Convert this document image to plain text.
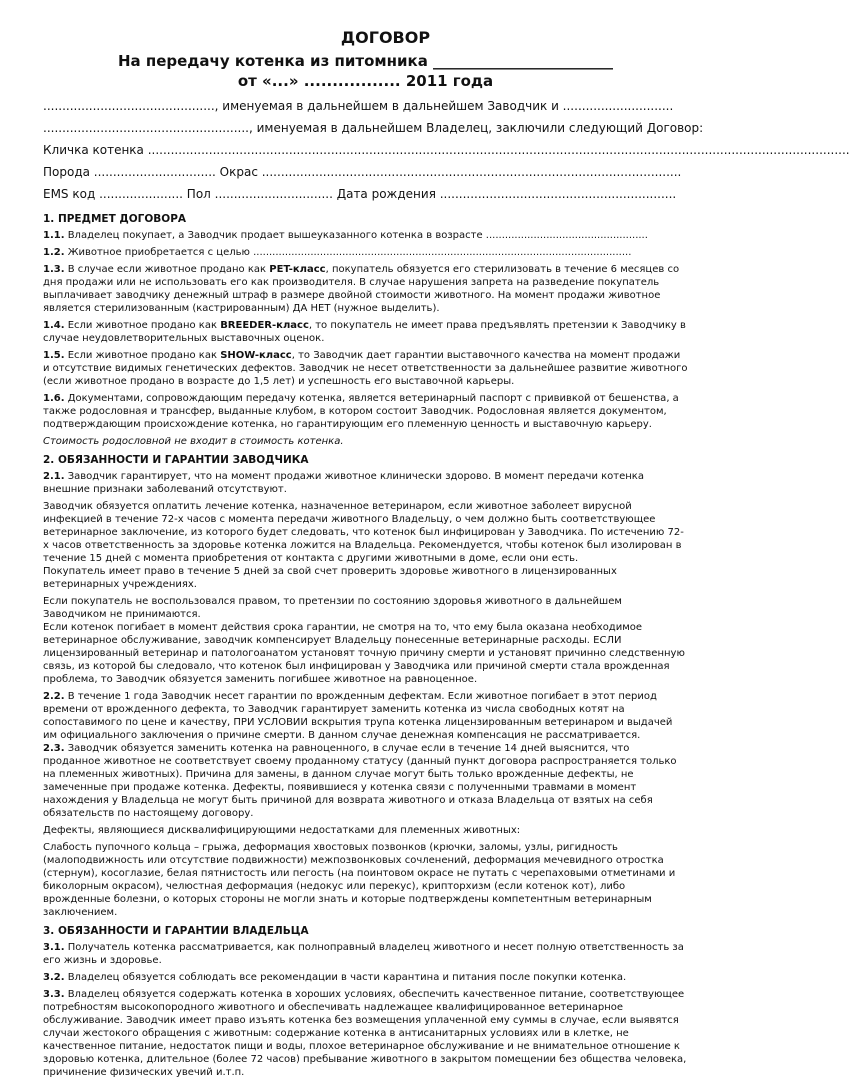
ДОГОВОР
На передачу котенка из питомника ________________________
от «...» ................. 2011 года

............................................., именуемая в дальнейшем в дальнейшем Заводчик и .............................

......................................................, именуемая в дальнейшем Владелец, заключили следующий Договор:

Кличка котенка ........................................................................................................................................................................................

Порода ................................ Окрас ..............................................................................................................

EMS код ...................... Пол ............................... Дата рождения ..............................................................

1. ПРЕДМЕТ ДОГОВОРА

1.1. Владелец покупает, а Заводчик продает вышеуказанного котенка в возрасте ...................................................

1.2. Животное приобретается с целью .......................................................................................................................

1.3. В случае если животное продано как PET-класс, покупатель обязуется его стерилизовать в течение 6 месяцев со дня продажи или не использовать его как производителя. В случае нарушения запрета на разведение покупатель выплачивает заводчику денежный штраф в размере двойной стоимости животного. На момент продажи животное является стерилизованным (кастрированным) ДА НЕТ (нужное выделить).

1.4. Если животное продано как BREEDER-класс, то покупатель не имеет права предъявлять претензии к Заводчику в случае неудовлетворительных выставочных оценок.

1.5. Если животное продано как SHOW-класс, то Заводчик дает гарантии выставочного качества на момент продажи и отсутствие видимых генетических дефектов. Заводчик не несет ответственности за дальнейшее развитие животного (если животное продано в возрасте до 1,5 лет) и успешность его выставочной карьеры.

1.6. Документами, сопровождающим передачу котенка, является ветеринарный паспорт с прививкой от бешенства, а также родословная и трансфер, выданные клубом, в котором состоит Заводчик. Родословная является документом, подтверждающим происхождение котенка, но гарантирующим его племенную ценность и выставочную карьеру.

Стоимость родословной не входит в стоимость котенка.

2. ОБЯЗАННОСТИ И ГАРАНТИИ ЗАВОДЧИКА

2.1. Заводчик гарантирует, что на момент продажи животное клинически здорово. В момент передачи котенка внешние признаки заболеваний отсутствуют.

Заводчик обязуется оплатить лечение котенка, назначенное ветеринаром, если животное заболеет вирусной инфекцией в течение 72-х часов с момента передачи животного Владельцу, о чем должно быть соответствующее ветеринарное заключение, из которого будет следовать, что котенок был инфицирован у Заводчика. По истечению 72-х часов ответственность за здоровье котенка ложится на Владельца. Рекомендуется, чтобы котенок был изолирован в течение 15 дней с момента приобретения от контакта с другими животными в доме, если они есть.

Покупатель имеет право в течение 5 дней за свой счет проверить здоровье животного в лицензированных ветеринарных учреждениях.

Если покупатель не воспользовался правом, то претензии по состоянию здоровья животного в дальнейшем Заводчиком не принимаются.

Если котенок погибает в момент действия срока гарантии, не смотря на то, что ему была оказана необходимое ветеринарное обслуживание, заводчик компенсирует Владельцу понесенные ветеринарные расходы. ЕСЛИ лицензированный ветеринар и патологоанатом установят точную причину смерти и установят причинно следственную связь, из которой бы следовало, что котенок был инфицирован у Заводчика или причиной смерти стала врожденная проблема, то Заводчик обязуется заменить погибшее животное на равноценное.

2.2. В течение 1 года Заводчик несет гарантии по врожденным дефектам. Если животное погибает в этот период времени от врожденного дефекта, то Заводчик гарантирует заменить котенка из числа свободных котят на сопоставимого по цене и качеству, ПРИ УСЛОВИИ вскрытия трупа котенка лицензированным ветеринаром и выдачей им официального заключения о причине смерти. В данном случае денежная компенсация не рассматривается.

2.3. Заводчик обязуется заменить котенка на равноценного, в случае если в течение 14 дней выяснится, что проданное животное не соответствует своему проданному статусу (данный пункт договора распространяется только на племенных животных). Причина для замены, в данном случае могут быть только врожденные дефекты, не замеченные при продаже котенка. Дефекты, появившиеся у котенка связи с полученными травмами в момент нахождения у Владельца не могут быть причиной для возврата животного и отказа Владельца от взятых на себя обязательств по настоящему договору.

Дефекты, являющиеся дисквалифицирующими недостатками для племенных животных:

Слабость пупочного кольца – грыжа, деформация хвостовых позвонков (крючки, заломы, узлы, ригидность (малоподвижность или отсутствие подвижности) межпозвонковых сочленений, деформация мечевидного отростка (стернум), косоглазие, белая пятнистость или пегость (на поинтовом окрасе не путать с черепаховыми отметинами и биколорным окрасом), челюстная деформация (недокус или перекус), крипторхизм (если котенок кот), либо врожденные болезни, о которых стороны не могли знать и которые подтверждены компетентным ветеринарным заключением.

3. ОБЯЗАННОСТИ И ГАРАНТИИ ВЛАДЕЛЬЦА

3.1. Получатель котенка рассматривается, как полноправный владелец животного и несет полную ответственность за его жизнь и здоровье.

3.2. Владелец обязуется соблюдать все рекомендации в части карантина и питания после покупки котенка.

3.3. Владелец обязуется содержать котенка в хороших условиях, обеспечить качественное питание, соответствующее потребностям высокопородного животного и обеспечивать надлежащее квалифицированное ветеринарное обслуживание. Заводчик имеет право изъять котенка без возмещения уплаченной ему суммы в случае, если выявятся случаи жестокого обращения с животным: содержание котенка в антисанитарных условиях или в клетке, не качественное питание, недостаток пищи и воды, плохое ветеринарное обслуживание и не внимательное отношение к здоровью котенка, длительное (более 72 часов) пребывание животного в закрытом помещении без общества человека, причинение физических увечий и.т.п.
